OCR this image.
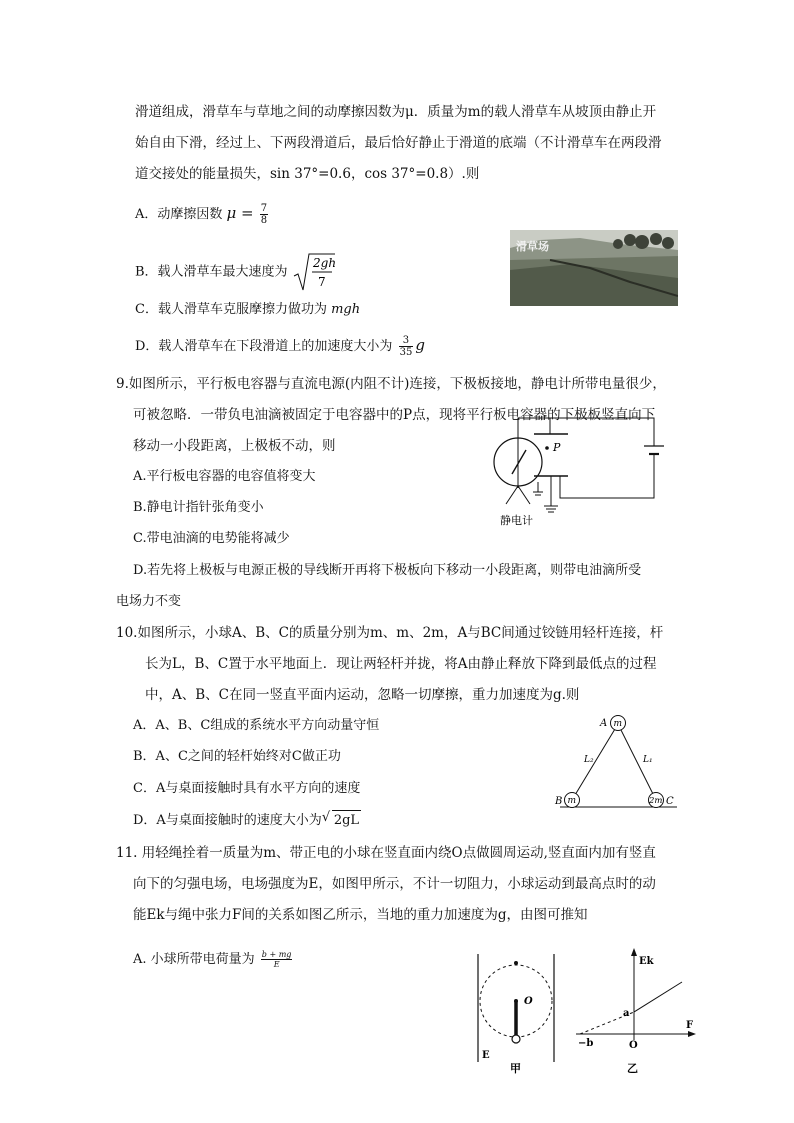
滑道组成，滑草车与草地之间的动摩擦因数为μ．质量为m的载人滑草车从坡顶由静止开
始自由下滑，经过上、下两段滑道后，最后恰好静止于滑道的底端（不计滑草车在两段滑
道交接处的能量损失，sin 37°=0.6，cos 37°=0.8）.则
A．动摩擦因数 $\mu = \frac{7}{8}$
B．载人滑草车最大速度为
2gh
7
C．载人滑草车克服摩擦力做功为 mgh
D．载人滑草车在下段滑道上的加速度大小为 $\frac{3}{35}$ g
滑草场
9.如图所示，平行板电容器与直流电源(内阻不计)连接，下极板接地，静电计所带电量很少，
可被忽略．一带负电油滴被固定于电容器中的P点，现将平行板电容器的下极板竖直向下
移动一小段距离，上极板不动，则
A.平行板电容器的电容值将变大
B.静电计指针张角变小
C.带电油滴的电势能将减少
D.若先将上极板与电源正极的导线断开再将下极板向下移动一小段距离，则带电油滴所受
电场力不变
静电计
P
10.如图所示，小球A、B、C的质量分别为m、m、2m，A与BC间通过铰链用轻杆连接，杆
长为L，B、C置于水平地面上．现让两轻杆并拢，将A由静止释放下降到最低点的过程
中，A、B、C在同一竖直平面内运动，忽略一切摩擦，重力加速度为g.则
A．A、B、C组成的系统水平方向动量守恒
B．A、C之间的轻杆始终对C做正功
C．A与桌面接触时具有水平方向的速度
D．A与桌面接触时的速度大小为 √ 2gL
m
A
m
B	2m C
L₂	L₁
11. 用轻绳拴着一质量为m、带正电的小球在竖直面内绕O点做圆周运动,竖直面内加有竖直
向下的匀强电场，电场强度为E，如图甲所示，不计一切阻力，小球运动到最高点时的动
能Ek与绳中张力F间的关系如图乙所示，当地的重力加速度为g，由图可推知
A. 小球所带电荷量为 $\frac{b + mg}{E}$
O
E
甲
Ek
F
a
−b	O
乙
